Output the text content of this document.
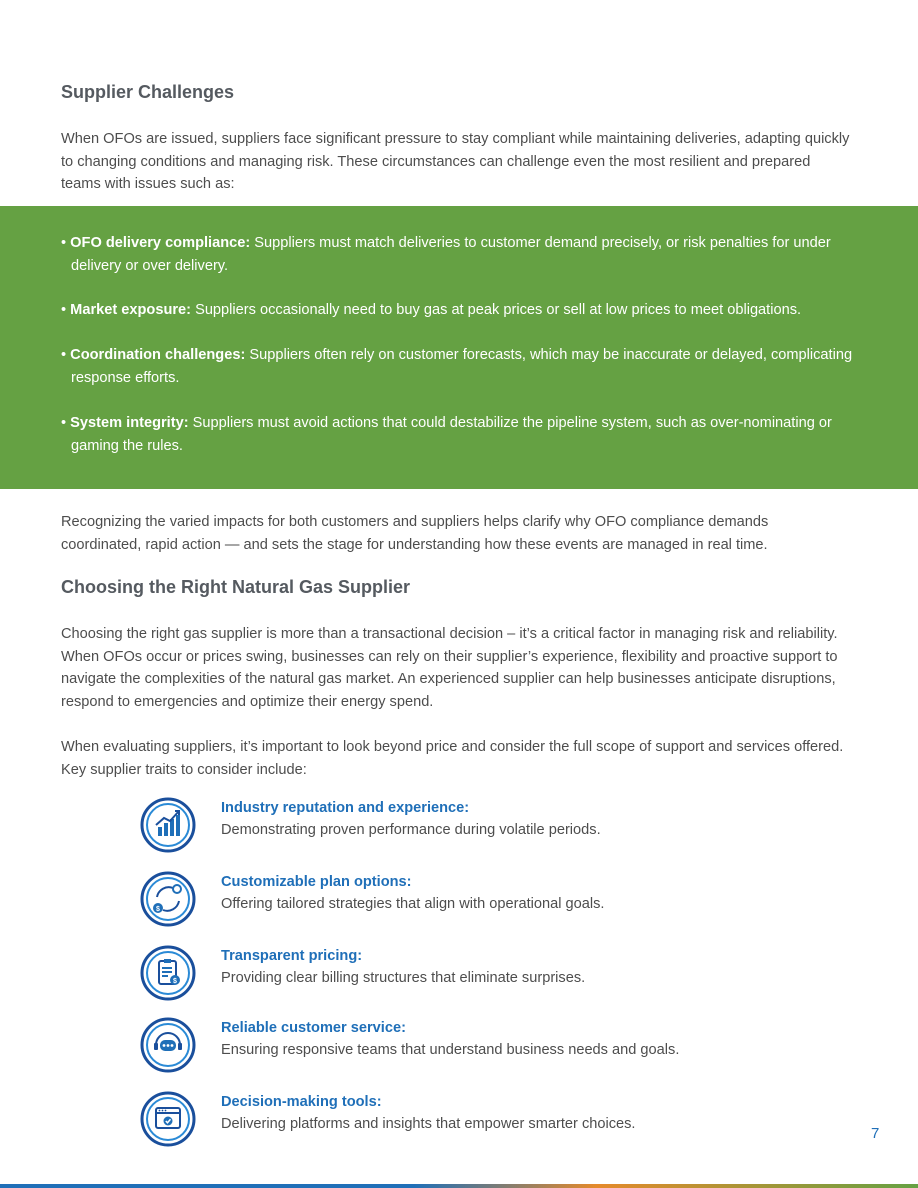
Supplier Challenges

When OFOs are issued, suppliers face significant pressure to stay compliant while maintaining deliveries, adapting quickly to changing conditions and managing risk. These circumstances can challenge even the most resilient and prepared teams with issues such as:

• OFO delivery compliance: Suppliers must match deliveries to customer demand precisely, or risk penalties for under delivery or over delivery.

• Market exposure: Suppliers occasionally need to buy gas at peak prices or sell at low prices to meet obligations.

• Coordination challenges: Suppliers often rely on customer forecasts, which may be inaccurate or delayed, complicating response efforts.

• System integrity: Suppliers must avoid actions that could destabilize the pipeline system, such as over-nominating or gaming the rules.

Recognizing the varied impacts for both customers and suppliers helps clarify why OFO compliance demands coordinated, rapid action — and sets the stage for understanding how these events are managed in real time.

Choosing the Right Natural Gas Supplier

Choosing the right gas supplier is more than a transactional decision – it’s a critical factor in managing risk and reliability. When OFOs occur or prices swing, businesses can rely on their supplier’s experience, flexibility and proactive support to navigate the complexities of the natural gas market. An experienced supplier can help businesses anticipate disruptions, respond to emergencies and optimize their energy spend.

When evaluating suppliers, it’s important to look beyond price and consider the full scope of support and services offered. Key supplier traits to consider include:

Industry reputation and experience:

Demonstrating proven performance during volatile periods.

$

Customizable plan options:

Offering tailored strategies that align with operational goals.

$

Transparent pricing:

Providing clear billing structures that eliminate surprises.

Reliable customer service:

Ensuring responsive teams that understand business needs and goals.

Decision-making tools:

Delivering platforms and insights that empower smarter choices.

7
